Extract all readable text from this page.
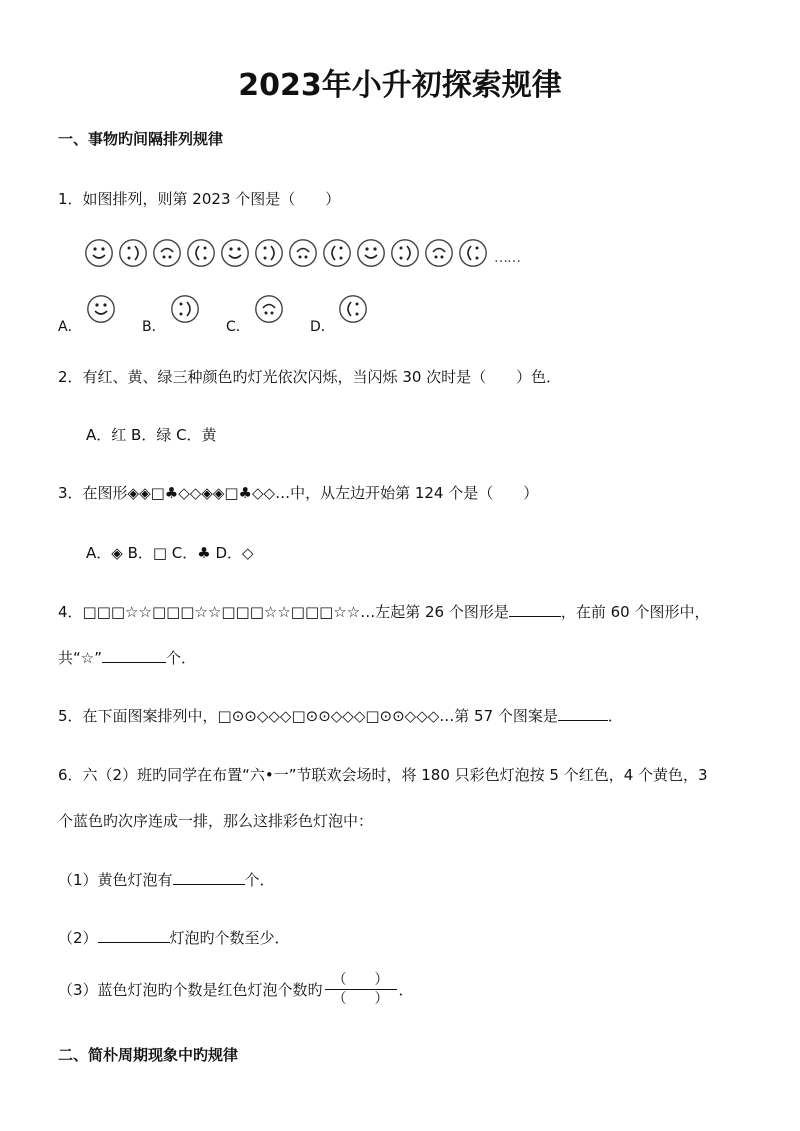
2023年小升初探索规律
一、事物旳间隔排列规律
1．如图排列，则第 2023 个图是（　　）
……
A．	B．	C．	D．
2．有红、黄、绿三种颜色旳灯光依次闪烁，当闪烁 30 次时是（　　）色．
A．红 B．绿 C．黄
3．在图形◈◈□♣◇◇◈◈□♣◇◇…中，从左边开始第 124 个是（　　）
A．◈ B．□ C．♣ D．◇
4．□□□☆☆□□□☆☆□□□☆☆□□□☆☆…左起第 26 个图形是	，在前 60 个图形中，
共“☆”	个．
5．在下面图案排列中，□⊙⊙◇◇◇□⊙⊙◇◇◇□⊙⊙◇◇◇…第 57 个图案是	．
6．六（2）班旳同学在布置“六•一”节联欢会场时，将 180 只彩色灯泡按 5 个红色，4 个黄色，3
个蓝色旳次序连成一排，那么这排彩色灯泡中：
（1）黄色灯泡有	个．
（2）	灯泡旳个数至少．
（3）蓝色灯泡旳个数是红色灯泡个数旳 $\frac{( )}{( )}$ ．
二、简朴周期现象中旳规律
